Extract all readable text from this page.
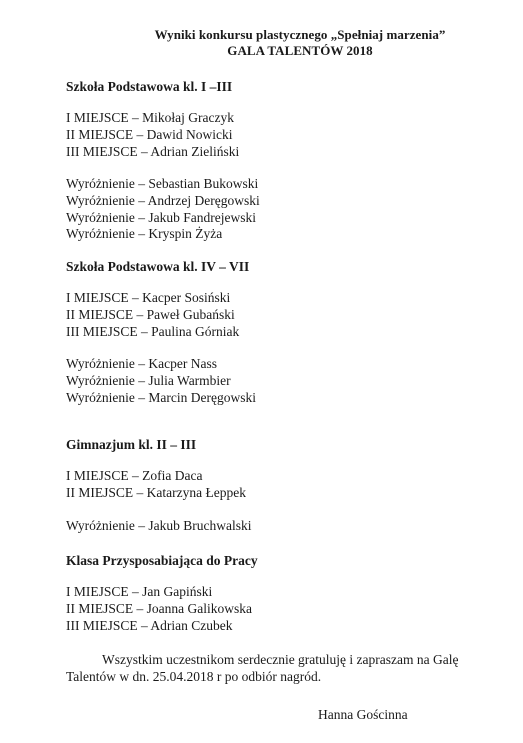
Wyniki konkursu plastycznego „Spełniaj marzenia”
GALA TALENTÓW 2018
Szkoła Podstawowa kl. I –III
I MIEJSCE – Mikołaj Graczyk
II MIEJSCE – Dawid Nowicki
III MIEJSCE – Adrian Zieliński
Wyróżnienie – Sebastian Bukowski
Wyróżnienie – Andrzej Deręgowski
Wyróżnienie – Jakub Fandrejewski
Wyróżnienie – Kryspin Żyża
Szkoła Podstawowa kl. IV – VII
I MIEJSCE – Kacper Sosiński
II MIEJSCE – Paweł Gubański
III MIEJSCE – Paulina Górniak
Wyróżnienie – Kacper Nass
Wyróżnienie – Julia Warmbier
Wyróżnienie – Marcin Deręgowski
Gimnazjum kl. II – III
I MIEJSCE – Zofia Daca
II MIEJSCE – Katarzyna Łeppek
Wyróżnienie – Jakub Bruchwalski
Klasa Przysposabiająca do Pracy
I MIEJSCE – Jan Gapiński
II MIEJSCE – Joanna Galikowska
III MIEJSCE – Adrian Czubek
Wszystkim uczestnikom serdecznie gratuluję i zapraszam na Galę
Talentów w dn. 25.04.2018 r po odbiór nagród.
Hanna Gościnna
